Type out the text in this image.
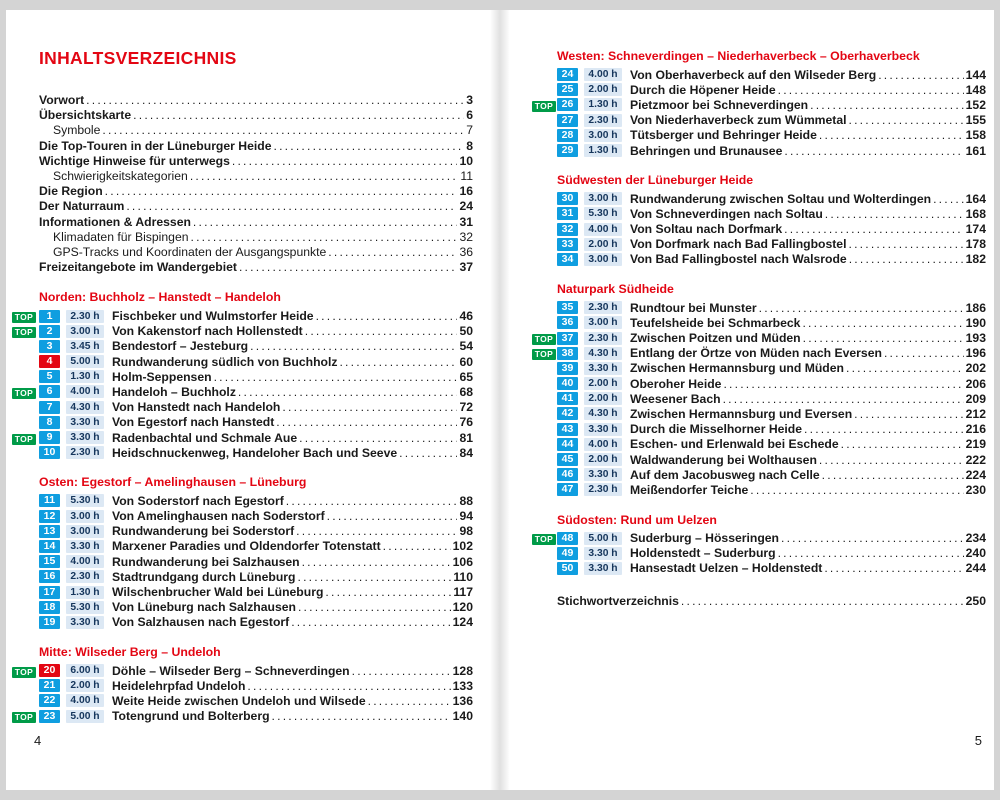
INHALTSVERZEICHNIS
Vorwort .....	3
Übersichtskarte .....	6
Symbole .....	7
Die Top-Touren in der Lüneburger Heide .....	8
Wichtige Hinweise für unterwegs .....	10
Schwierigkeitskategorien .....	11
Die Region .....	16
Der Naturraum .....	24
Informationen & Adressen .....	31
Klimadaten für Bispingen .....	32
GPS-Tracks und Koordinaten der Ausgangspunkte .....	36
Freizeitangebote im Wandergebiet .....	37
Norden: Buchholz – Hanstedt – Handeloh
TOP	1	2.30 h	Fischbeker und Wulmstorfer Heide .....	46
TOP	2	3.00 h	Von Kakenstorf nach Hollenstedt .....	50
3	3.45 h	Bendestorf – Jesteburg .....	54
4	5.00 h	Rundwanderung südlich von Buchholz .....	60
5	1.30 h	Holm-Seppensen .....	65
TOP	6	4.00 h	Handeloh – Buchholz .....	68
7	4.30 h	Von Hanstedt nach Handeloh .....	72
8	3.30 h	Von Egestorf nach Hanstedt .....	76
TOP	9	3.30 h	Radenbachtal und Schmale Aue .....	81
10	2.30 h	Heidschnuckenweg, Handeloher Bach und Seeve .....	84
Osten: Egestorf – Amelinghausen – Lüneburg
11	5.30 h	Von Soderstorf nach Egestorf .....	88
12	3.00 h	Von Amelinghausen nach Soderstorf .....	94
13	3.00 h	Rundwanderung bei Soderstorf .....	98
14	3.30 h	Marxener Paradies und Oldendorfer Totenstatt .....	102
15	4.00 h	Rundwanderung bei Salzhausen .....	106
16	2.30 h	Stadtrundgang durch Lüneburg .....	110
17	1.30 h	Wilschenbrucher Wald bei Lüneburg .....	117
18	5.30 h	Von Lüneburg nach Salzhausen .....	120
19	3.30 h	Von Salzhausen nach Egestorf .....	124
Mitte: Wilseder Berg – Undeloh
TOP 20	6.00 h	Döhle – Wilseder Berg – Schneverdingen .....	128
21	2.00 h	Heidelehrpfad Undeloh .....	133
22	4.00 h	Weite Heide zwischen Undeloh und Wilsede .....	136
TOP 23	5.00 h	Totengrund und Bolterberg .....	140
4
Westen: Schneverdingen – Niederhaverbeck – Oberhaverbeck
24	4.00 h	Von Oberhaverbeck auf den Wilseder Berg .....	144
25	2.00 h	Durch die Höpener Heide .....	148
TOP 26	1.30 h	Pietzmoor bei Schneverdingen .....	152
27	2.30 h	Von Niederhaverbeck zum Wümmetal .....	155
28	3.00 h	Tütsberger und Behringer Heide .....	158
29	1.30 h	Behringen und Brunausee .....	161
Südwesten der Lüneburger Heide
30	3.00 h	Rundwanderung zwischen Soltau und Wolterdingen .....	164
31	5.30 h	Von Schneverdingen nach Soltau .....	168
32	4.00 h	Von Soltau nach Dorfmark .....	174
33	2.00 h	Von Dorfmark nach Bad Fallingbostel .....	178
34	3.00 h	Von Bad Fallingbostel nach Walsrode .....	182
Naturpark Südheide
35	2.30 h	Rundtour bei Munster .....	186
36	3.00 h	Teufelsheide bei Schmarbeck .....	190
TOP 37	2.30 h	Zwischen Poitzen und Müden .....	193
TOP 38	4.30 h	Entlang der Örtze von Müden nach Eversen .....	196
39	3.30 h	Zwischen Hermannsburg und Müden .....	202
40	2.00 h	Oberoher Heide .....	206
41	2.00 h	Weesener Bach .....	209
42	4.30 h	Zwischen Hermannsburg und Eversen .....	212
43	3.30 h	Durch die Misselhorner Heide .....	216
44	4.00 h	Eschen- und Erlenwald bei Eschede .....	219
45	2.00 h	Waldwanderung bei Wolthausen .....	222
46	3.30 h	Auf dem Jacobusweg nach Celle .....	224
47	2.30 h	Meißendorfer Teiche .....	230
Südosten: Rund um Uelzen
TOP 48	5.00 h	Suderburg – Hösseringen .....	234
49	3.30 h	Holdenstedt – Suderburg .....	240
50	3.30 h	Hansestadt Uelzen – Holdenstedt .....	244
Stichwortverzeichnis .....	250
5
